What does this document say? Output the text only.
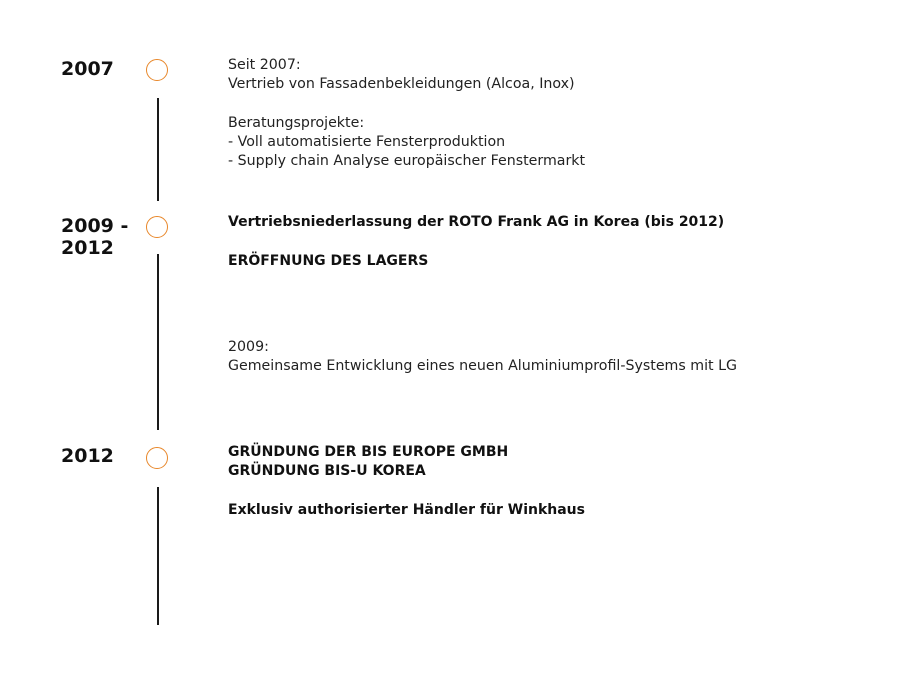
2007	Seit 2007:
Vertrieb von Fassadenbekleidungen (Alcoa, Inox)
Beratungsprojekte:
- Voll automatisierte Fensterproduktion
- Supply chain Analyse europäischer Fenstermarkt
2009 -
2012
Vertriebsniederlassung der ROTO Frank AG in Korea (bis 2012)
ERÖFFNUNG DES LAGERS
2009:
Gemeinsame Entwicklung eines neuen Aluminiumprofil-Systems mit LG
2012	GRÜNDUNG DER BIS EUROPE GMBH
GRÜNDUNG BIS-U KOREA
Exklusiv authorisierter Händler für Winkhaus
